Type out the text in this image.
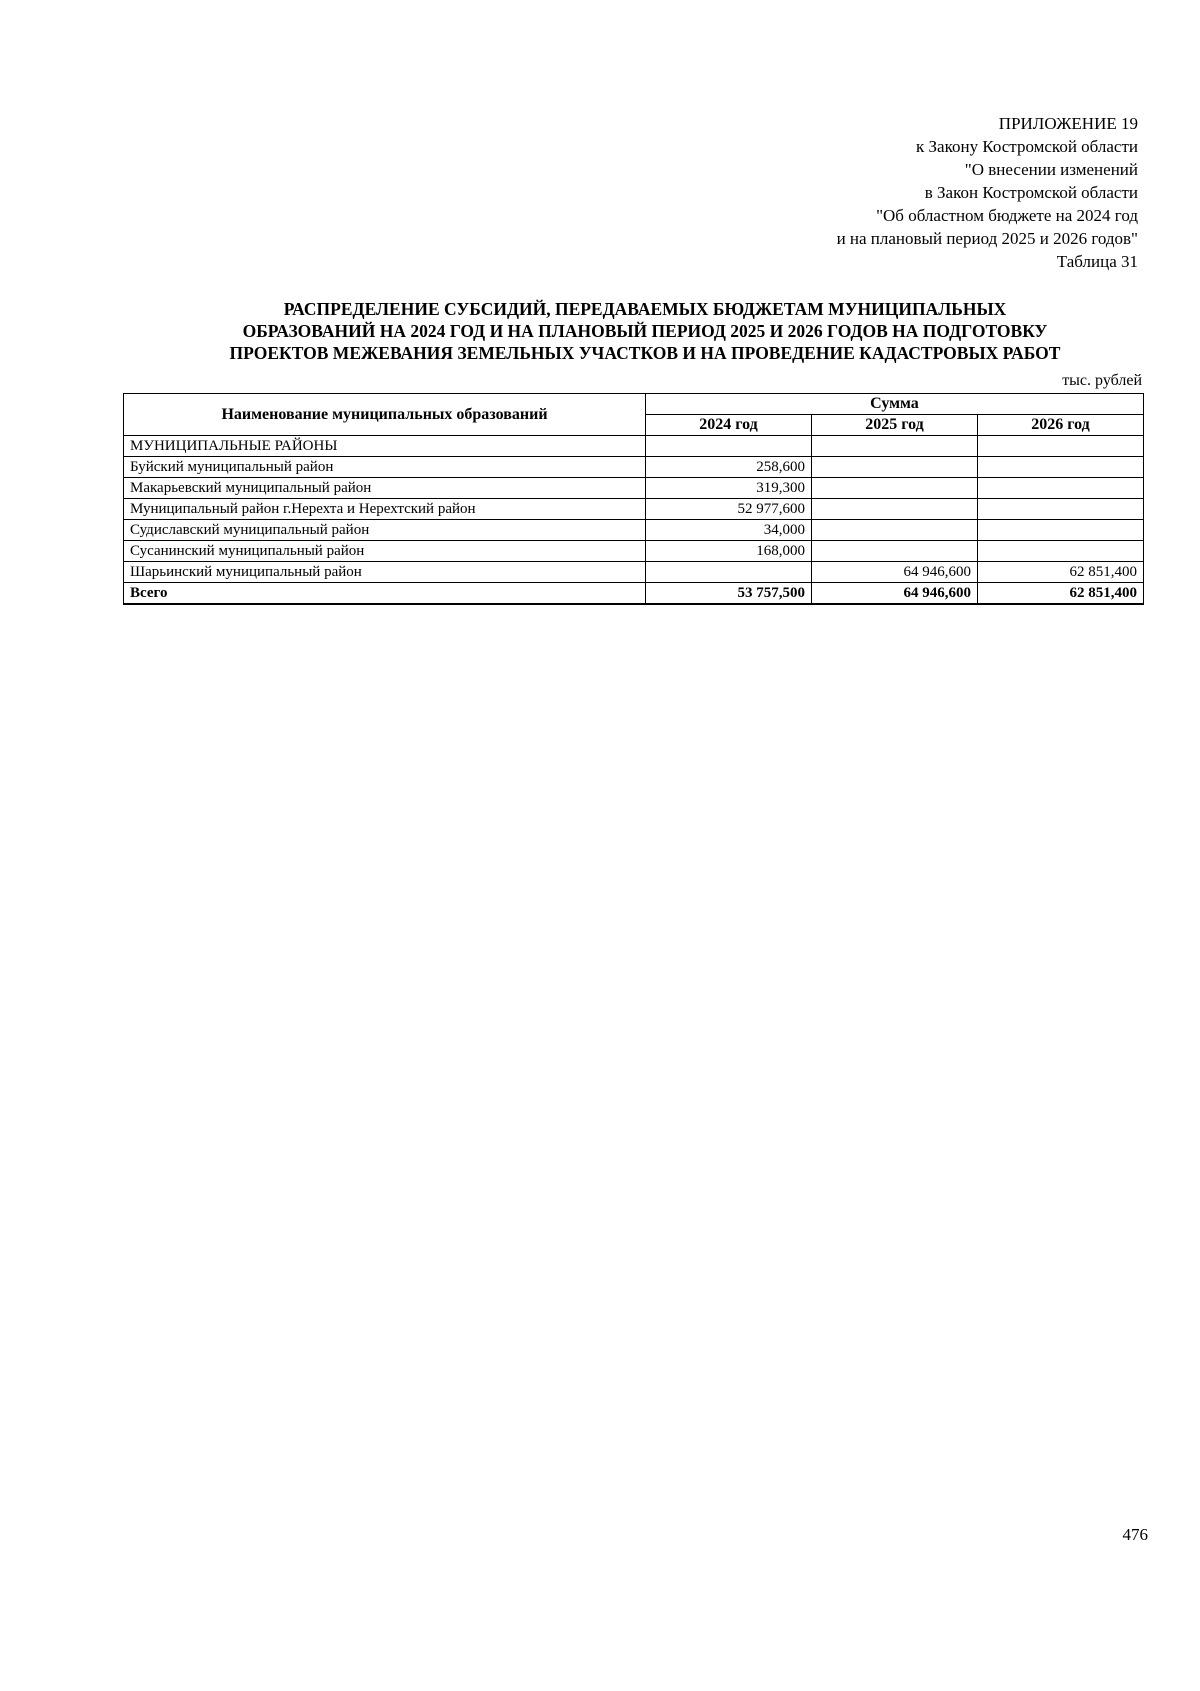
ПРИЛОЖЕНИЕ 19
к Закону Костромской области
"О внесении изменений
в Закон Костромской области
"Об областном бюджете на 2024 год
и на плановый период 2025 и 2026 годов"
Таблица 31
РАСПРЕДЕЛЕНИЕ СУБСИДИЙ, ПЕРЕДАВАЕМЫХ БЮДЖЕТАМ МУНИЦИПАЛЬНЫХ
ОБРАЗОВАНИЙ НА 2024 ГОД И НА ПЛАНОВЫЙ ПЕРИОД 2025 И 2026 ГОДОВ НА ПОДГОТОВКУ
ПРОЕКТОВ МЕЖЕВАНИЯ ЗЕМЕЛЬНЫХ УЧАСТКОВ И НА ПРОВЕДЕНИЕ КАДАСТРОВЫХ РАБОТ
тыс. рублей
Наименование муниципальных образований	Сумма		
	2024 год	2025 год	2026 год
МУНИЦИПАЛЬНЫЕ РАЙОНЫ			
Буйский муниципальный район	258,600		
Макарьевский муниципальный район	319,300		
Муниципальный район г.Нерехта и Нерехтский район	52 977,600		
Судиславский муниципальный район	34,000		
Сусанинский муниципальный район	168,000		
Шарьинский муниципальный район		64 946,600	62 851,400
Всего	53 757,500	64 946,600	62 851,400
476
